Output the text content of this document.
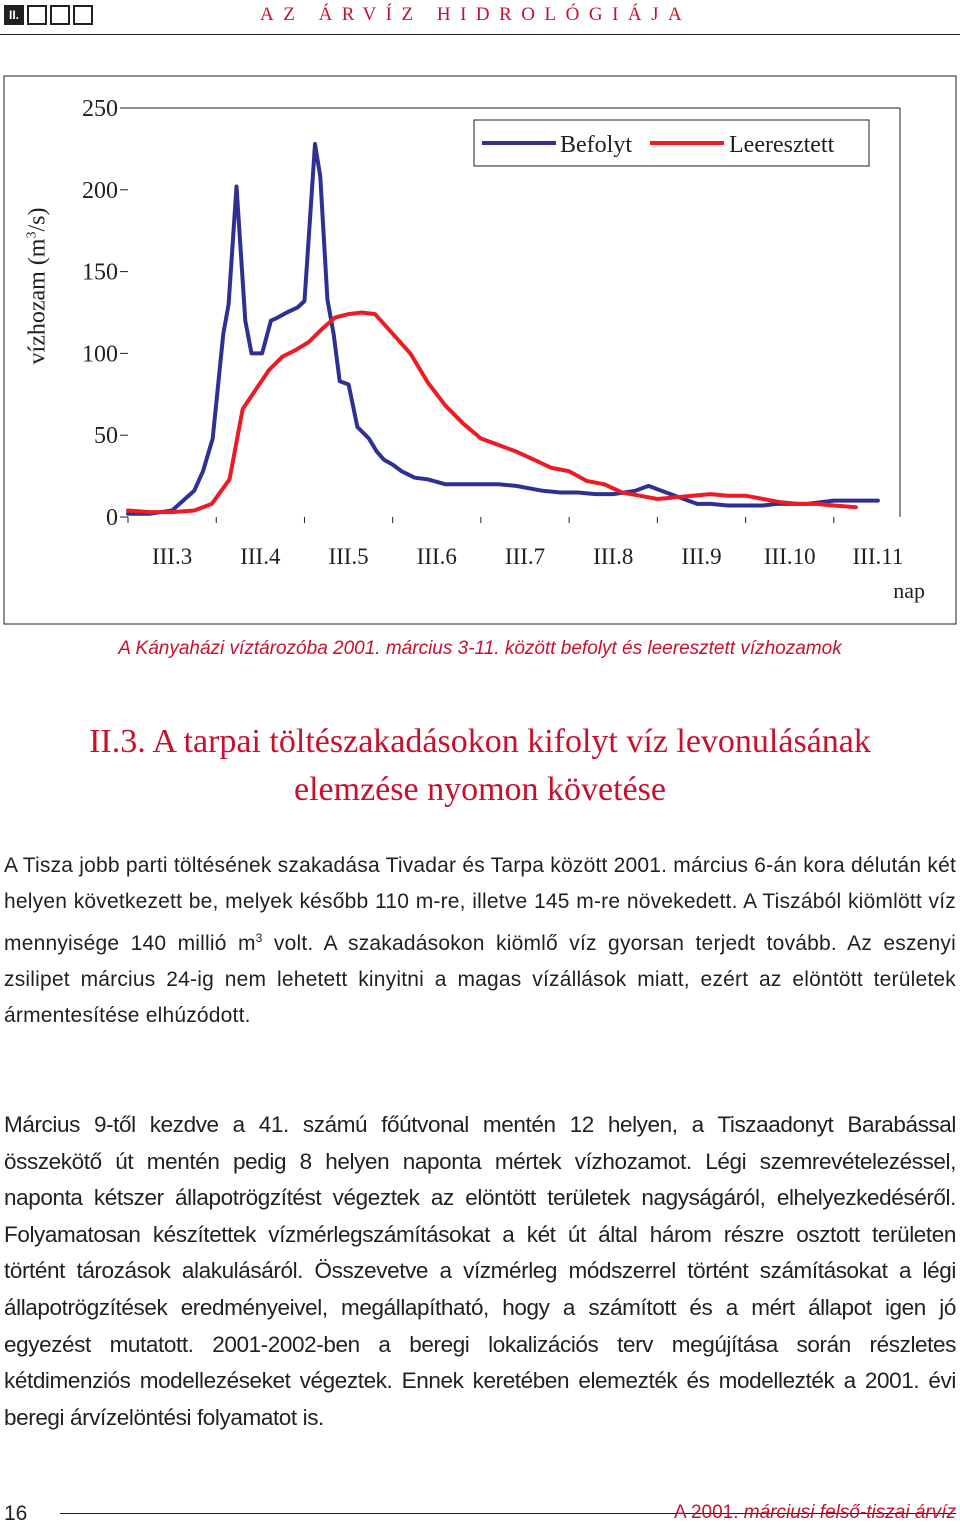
II.	AZ ÁRVÍZ HIDROLÓGIÁJA
0
50
100
150
200
250
III.3 III.4 III.5 III.6 III.7 III.8 III.9 III.10 III.11
Befolyt	Leeresztett
nap
vízhozam $(m^3/s)$
A Kányaházi víztározóba 2001. március 3-11. között befolyt és leeresztett vízhozamok
II.3. A tarpai töltészakadásokon kifolyt víz levonulásának
elemzése nyomon követése
A Tisza jobb parti töltésének szakadása Tivadar és Tarpa között 2001. március 6-án kora délután két helyen következett be, melyek később 110 m-re, illetve 145 m-re növekedett. A Tiszából kiömlött víz mennyisége 140 millió $m^3$ volt. A szakadásokon kiömlő víz gyorsan terjedt tovább. Az eszenyi zsilipet március 24-ig nem lehetett kinyitni a magas vízállások miatt, ezért az elöntött területek ármentesítése elhúzódott.
Március 9-től kezdve a 41. számú főútvonal mentén 12 helyen, a Tiszaadonyt Barabással összekötő út mentén pedig 8 helyen naponta mértek vízhozamot. Légi szemrevételezéssel, naponta kétszer állapotrögzítést végeztek az elöntött területek nagyságáról, elhelyezkedéséről. Folyamatosan készítettek vízmérlegszámításokat a két út által három részre osztott területen történt tározások alakulásáról. Összevetve a vízmérleg módszerrel történt számításokat a légi állapotrögzítések eredményeivel, megállapítható, hogy a számított és a mért állapot igen jó egyezést mutatott. 2001-2002-ben a beregi lokalizációs terv megújítása során részletes kétdimenziós modellezéseket végeztek. Ennek keretében elemezték és modellezték a 2001. évi beregi árvízelöntési folyamatot is.
16	A 2001. márciusi felső-tiszai árvíz
